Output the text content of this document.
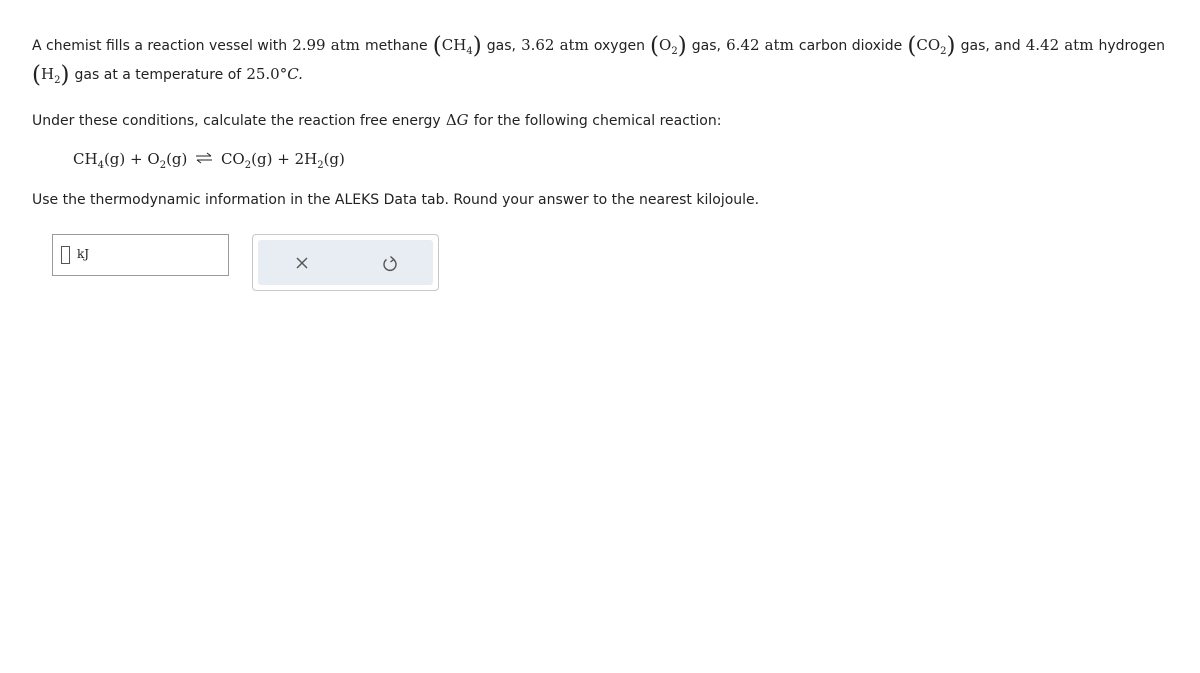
A chemist fills a reaction vessel with 2.99 atm methane $(CH_4)$ gas, 3.62 atm oxygen $(O_2)$ gas, 6.42 atm carbon dioxide $(CO_2)$ gas, and 4.42 atm hydrogen
$(H_2)$ gas at a temperature of 25.0°C.
Under these conditions, calculate the reaction free energy ΔG for the following chemical reaction:
$CH_4(g) + O_2(g)$ ⇌ $CO_2(g) + 2H_2(g)$
Use the thermodynamic information in the ALEKS Data tab. Round your answer to the nearest kilojoule.
kJ
